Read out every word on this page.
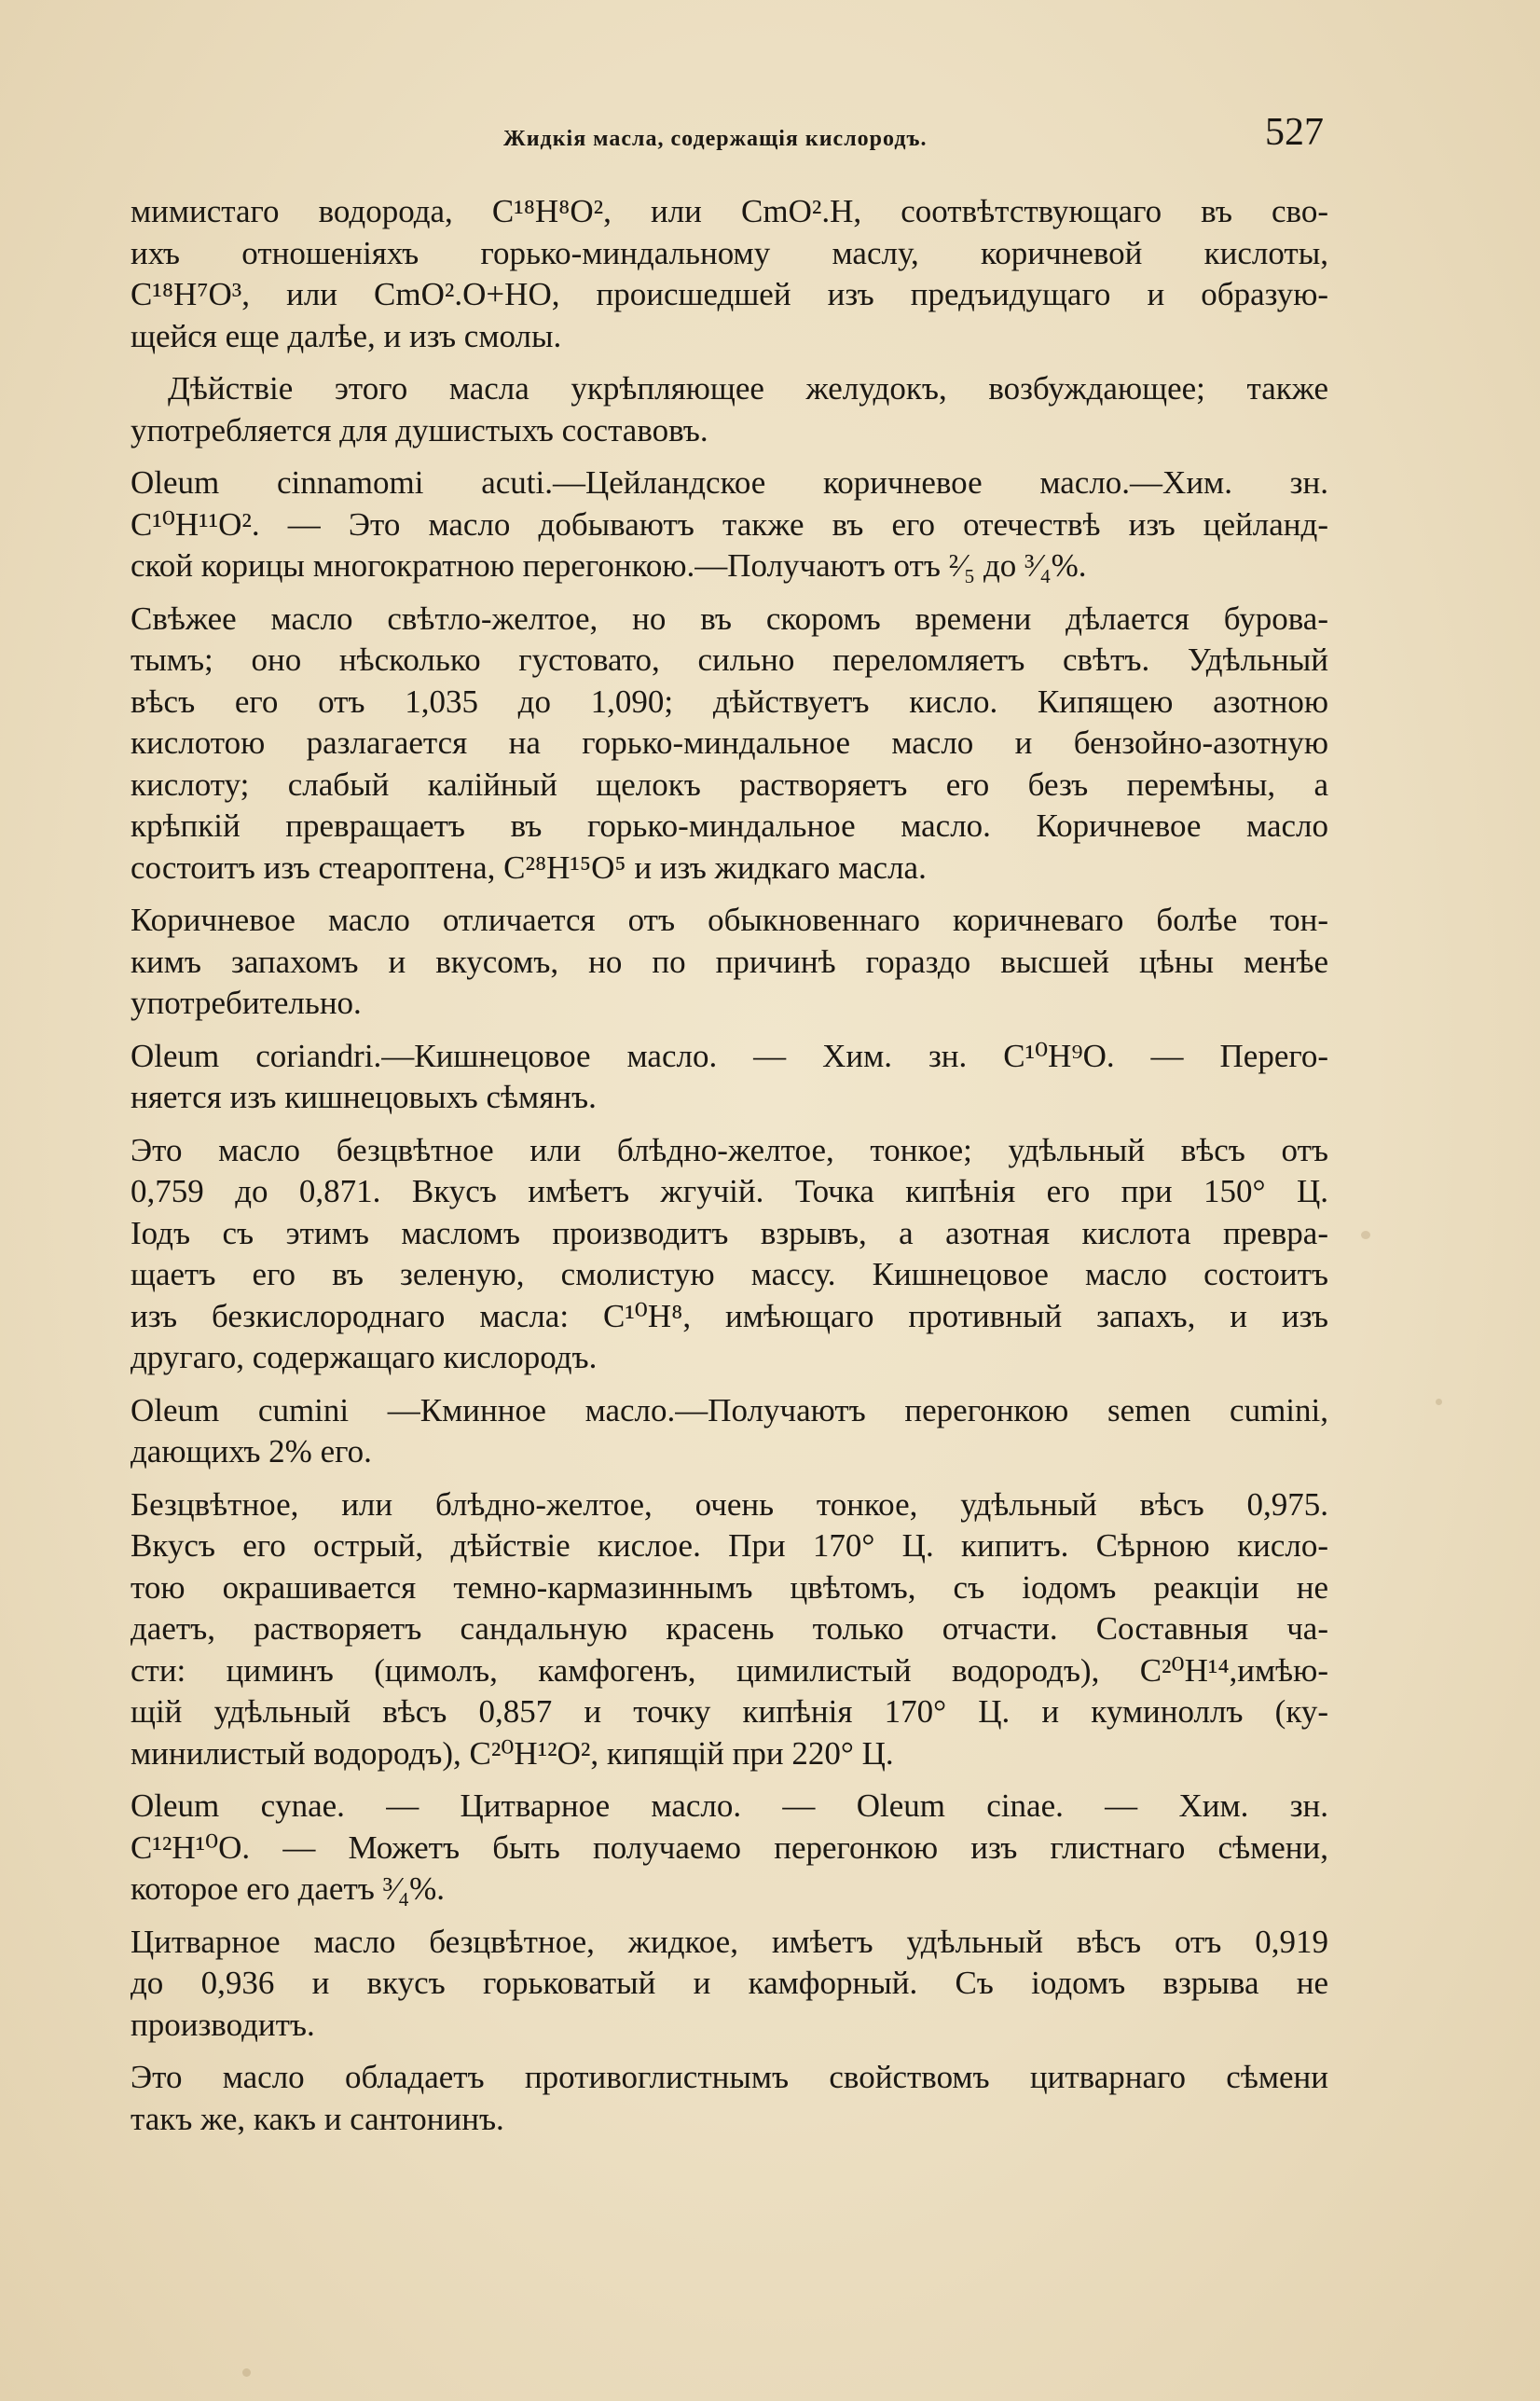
Жидкія масла, содержащія кислородъ.	527

мимистаго водорода, C¹⁸H⁸O², или CmO².H, соотвѣтствующаго въ сво-
ихъ отношеніяхъ горько-миндальному маслу, коричневой кислоты,
C¹⁸H⁷O³, или CmO².O+HO, происшедшей изъ предъидущаго и образую-
щейся еще далѣе, и изъ смолы.

Дѣйствіе этого масла укрѣпляющее желудокъ, возбуждающее; также
употребляется для душистыхъ составовъ.

Oleum cinnamomi acuti.—Цейландское коричневое масло.—Хим. зн.
C¹⁰H¹¹O². — Это масло добываютъ также въ его отечествѣ изъ цейланд-
ской корицы многократною перегонкою.—Получаютъ отъ ²⁄₅ до ³⁄₄%.

Свѣжее масло свѣтло-желтое, но въ скоромъ времени дѣлается бурова-
тымъ; оно нѣсколько густовато, сильно переломляетъ свѣтъ. Удѣльный
вѣсъ его отъ 1,035 до 1,090; дѣйствуетъ кисло. Кипящею азотною
кислотою разлагается на горько-миндальное масло и бензойно-азотную
кислоту; слабый калійный щелокъ растворяетъ его безъ перемѣны, а
крѣпкій превращаетъ въ горько-миндальное масло. Коричневое масло
состоитъ изъ стеароптена, C²⁸H¹⁵O⁵ и изъ жидкаго масла.

Коричневое масло отличается отъ обыкновеннаго коричневаго болѣе тон-
кимъ запахомъ и вкусомъ, но по причинѣ гораздо высшей цѣны менѣе
употребительно.

Oleum coriandri.—Кишнецовое масло. — Хим. зн. C¹⁰H⁹O. — Перего-
няется изъ кишнецовыхъ сѣмянъ.

Это масло безцвѣтное или блѣдно-желтое, тонкое; удѣльный вѣсъ отъ
0,759 до 0,871. Вкусъ имѣетъ жгучій. Точка кипѣнія его при 150° Ц.
Іодъ съ этимъ масломъ производитъ взрывъ, а азотная кислота превра-
щаетъ его въ зеленую, смолистую массу. Кишнецовое масло состоитъ
изъ безкислороднаго масла: C¹⁰H⁸, имѣющаго противный запахъ, и изъ
другаго, содержащаго кислородъ.

Oleum cumini —Кминное масло.—Получаютъ перегонкою semen cumini,
дающихъ 2% его.

Безцвѣтное, или блѣдно-желтое, очень тонкое, удѣльный вѣсъ 0,975.
Вкусъ его острый, дѣйствіе кислое. При 170° Ц. кипитъ. Сѣрною кисло-
тою окрашивается темно-кармазиннымъ цвѣтомъ, съ іодомъ реакціи не
даетъ, растворяетъ сандальную красень только отчасти. Составныя ча-
сти: циминъ (цимолъ, камфогенъ, цимилистый водородъ), C²⁰H¹⁴,имѣю-
щій удѣльный вѣсъ 0,857 и точку кипѣнія 170° Ц. и куминоллъ (ку-
минилистый водородъ), C²⁰H¹²O², кипящій при 220° Ц.

Oleum cynae. — Цитварное масло. — Oleum cinae. — Хим. зн.
C¹²H¹⁰O. — Можетъ быть получаемо перегонкою изъ глистнаго сѣмени,
которое его даетъ ³⁄₄%.

Цитварное масло безцвѣтное, жидкое, имѣетъ удѣльный вѣсъ отъ 0,919
до 0,936 и вкусъ горьковатый и камфорный. Съ іодомъ взрыва не
производитъ.

Это масло обладаетъ противоглистнымъ свойствомъ цитварнаго сѣмени
такъ же, какъ и сантонинъ.
